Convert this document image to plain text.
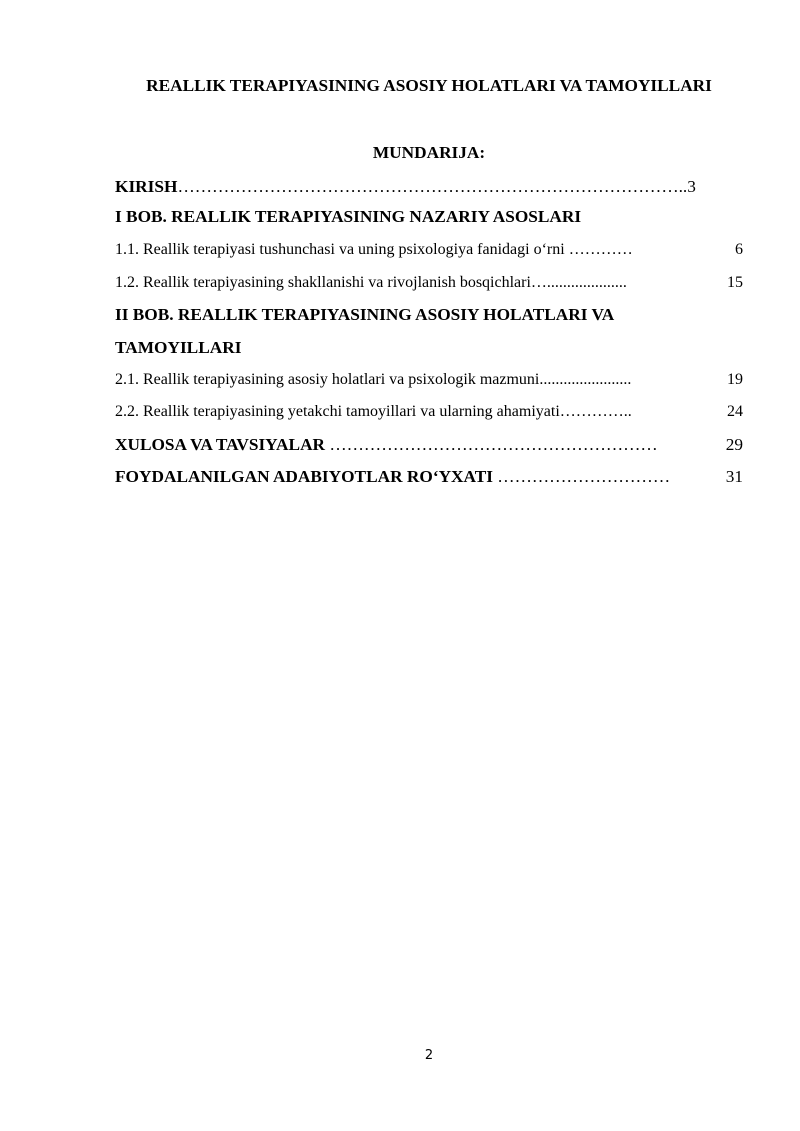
REALLIK TERAPIYASINING ASOSIY HOLATLARI VA TAMOYILLARI
MUNDARIJA:
KIRISH……………………………………………………………………………..3
I BOB. REALLIK TERAPIYASINING NAZARIY ASOSLARI
1.1. Reallik terapiyasi tushunchasi va uning psixologiya fanidagi o‘rni …………	6
1.2. Reallik terapiyasining shakllanishi va rivojlanish bosqichlari…....................	15
II BOB. REALLIK TERAPIYASINING ASOSIY HOLATLARI VA
TAMOYILLARI
2.1. Reallik terapiyasining asosiy holatlari va psixologik mazmuni.......................	19
2.2. Reallik terapiyasining yetakchi tamoyillari va ularning ahamiyati…………..	24
XULOSA VA TAVSIYALAR …………………………………………………	29
FOYDALANILGAN ADABIYOTLAR RO‘YXATI …………………………	31
2
